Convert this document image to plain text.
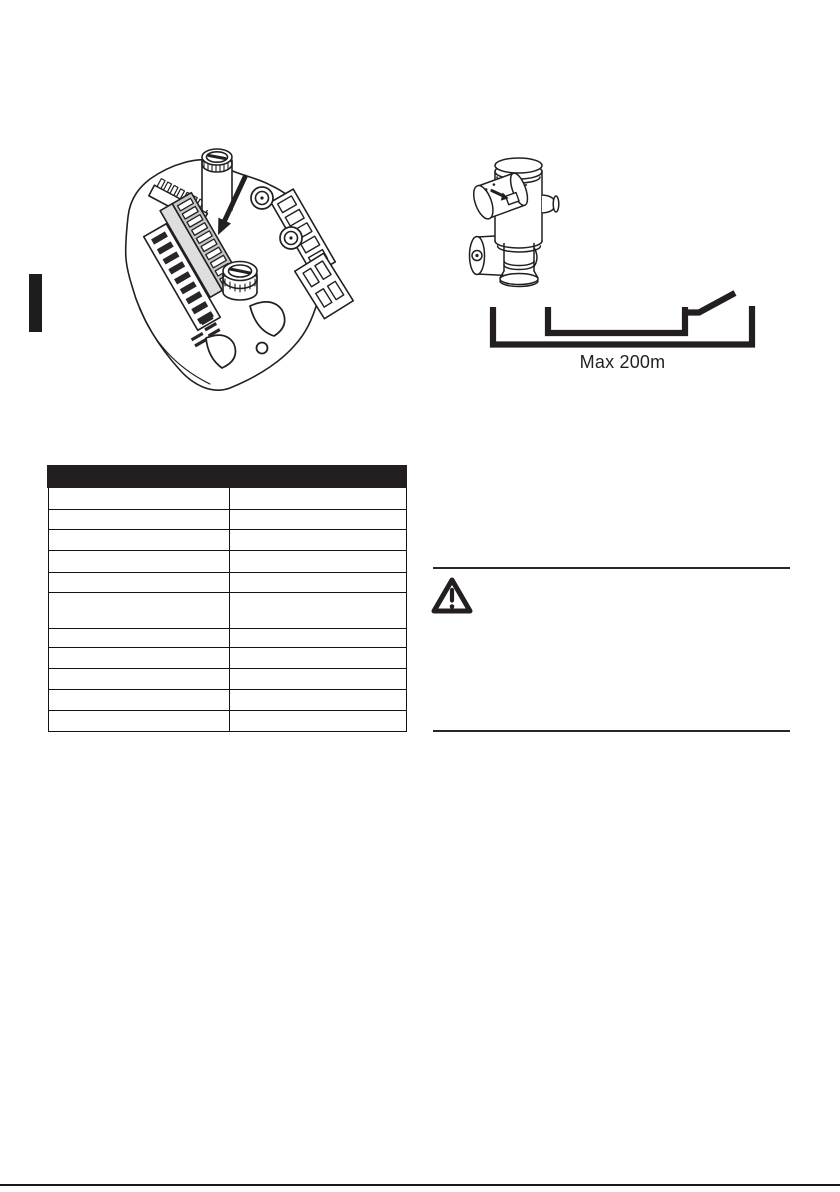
Max 200m
